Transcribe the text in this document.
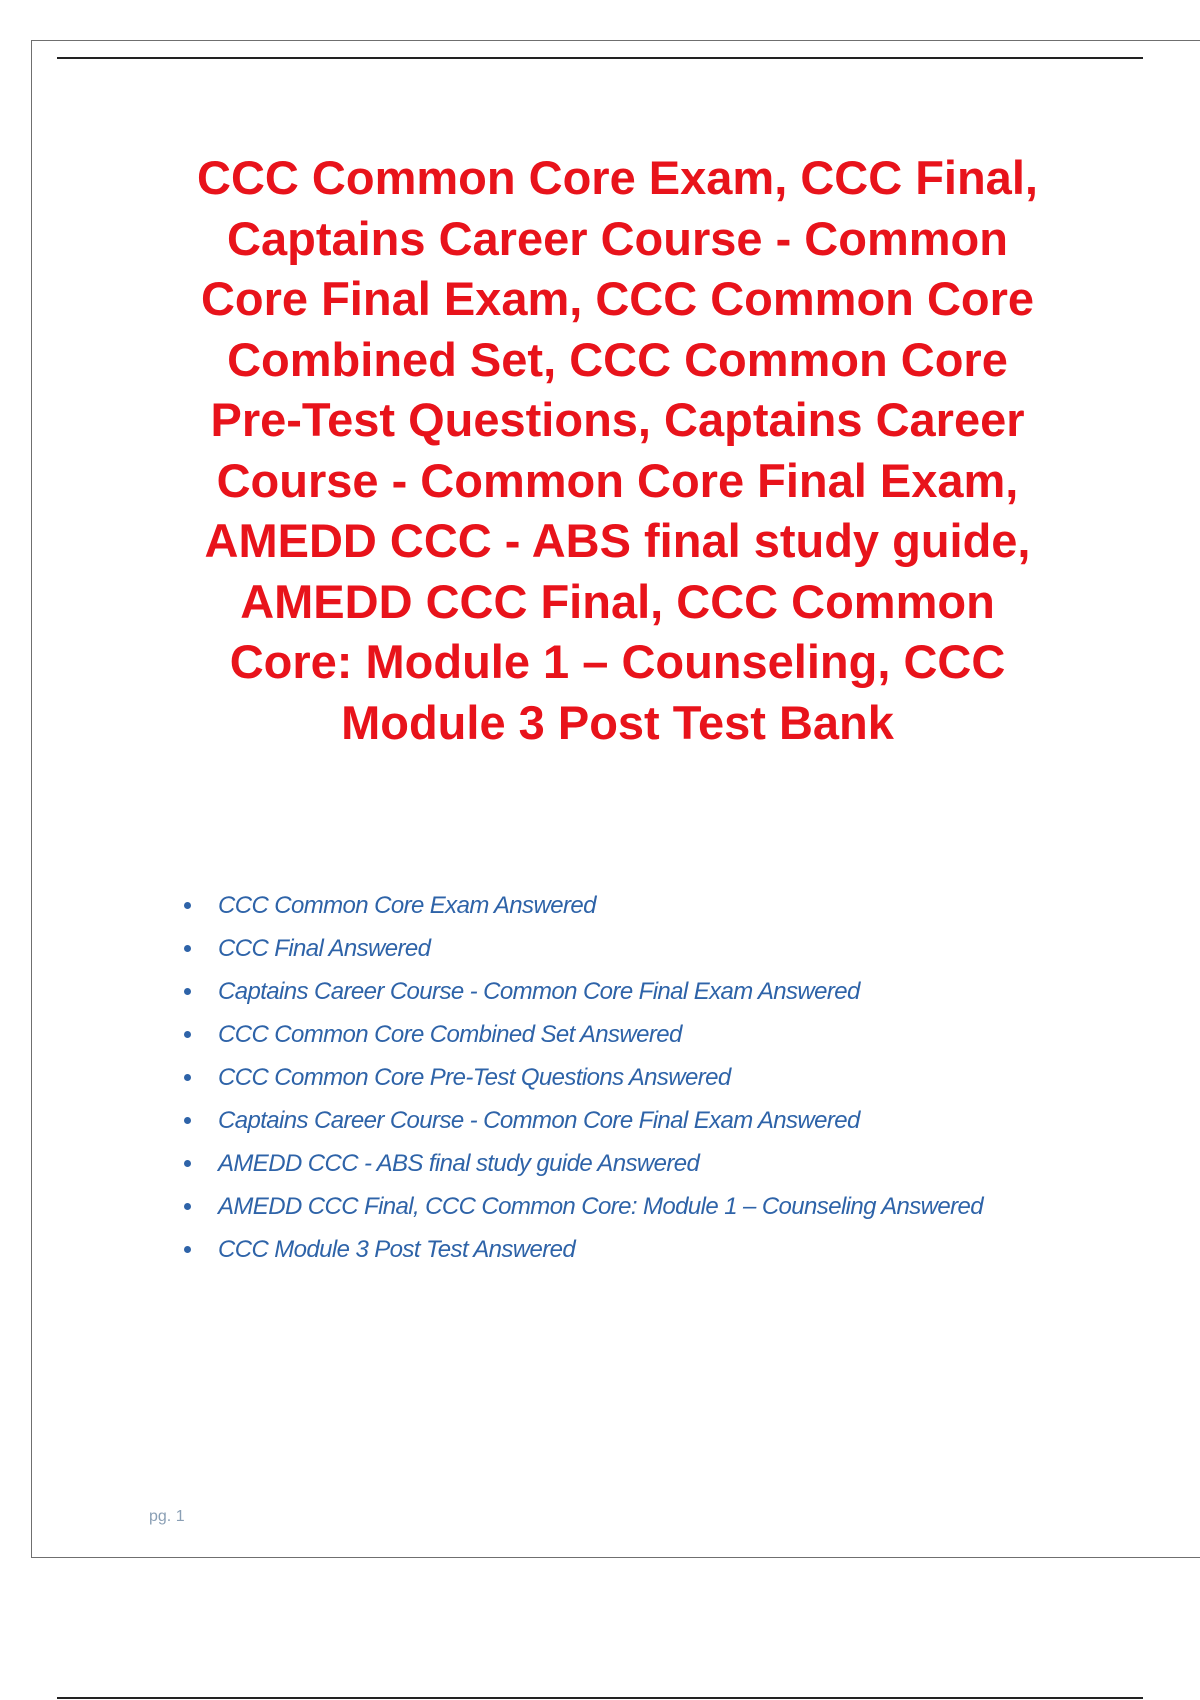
CCC Common Core Exam, CCC Final,
Captains Career Course - Common
Core Final Exam, CCC Common Core
Combined Set, CCC Common Core
Pre-Test Questions, Captains Career
Course - Common Core Final Exam,
AMEDD CCC - ABS final study guide,
AMEDD CCC Final, CCC Common
Core: Module 1 – Counseling, CCC
Module 3 Post Test Bank
CCC Common Core Exam Answered
CCC Final Answered
Captains Career Course - Common Core Final Exam Answered
CCC Common Core Combined Set Answered
CCC Common Core Pre-Test Questions Answered
Captains Career Course - Common Core Final Exam Answered
AMEDD CCC - ABS final study guide Answered
AMEDD CCC Final, CCC Common Core: Module 1 – Counseling Answered
CCC Module 3 Post Test Answered
pg. 1
